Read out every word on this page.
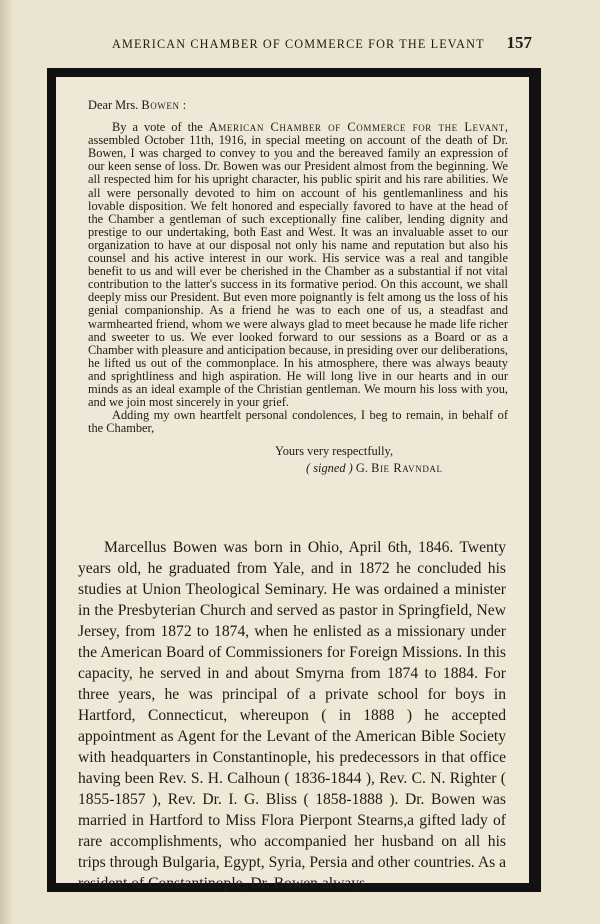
AMERICAN CHAMBER OF COMMERCE FOR THE LEVANT 157

Dear Mrs. Bowen :

By a vote of the American Chamber of Commerce for the Levant, assembled October 11th, 1916, in special meeting on account of the death of Dr. Bowen, I was charged to convey to you and the bereaved family an expression of our keen sense of loss. Dr. Bowen was our President almost from the beginning. We all respected him for his upright character, his public spirit and his rare abilities. We all were personally devoted to him on account of his gentlemanliness and his lovable disposition. We felt honored and especially favored to have at the head of the Chamber a gentleman of such exceptionally fine caliber, lending dignity and prestige to our undertaking, both East and West. It was an invaluable asset to our organization to have at our disposal not only his name and reputation but also his counsel and his active interest in our work. His service was a real and tangible benefit to us and will ever be cherished in the Chamber as a substantial if not vital contribution to the latter's success in its formative period. On this account, we shall deeply miss our President. But even more poignantly is felt among us the loss of his genial companionship. As a friend he was to each one of us, a steadfast and warmhearted friend, whom we were always glad to meet because he made life richer and sweeter to us. We ever looked forward to our sessions as a Board or as a Chamber with pleasure and anticipation because, in presiding over our deliberations, he lifted us out of the commonplace. In his atmosphere, there was always beauty and sprightliness and high aspiration. He will long live in our hearts and in our minds as an ideal example of the Christian gentleman. We mourn his loss with you, and we join most sincerely in your grief.

Adding my own heartfelt personal condolences, I beg to remain, in behalf of the Chamber,

Yours very respectfully,

( signed ) G. Bie Ravndal

Marcellus Bowen was born in Ohio, April 6th, 1846. Twenty years old, he graduated from Yale, and in 1872 he concluded his studies at Union Theological Seminary. He was ordained a minister in the Presbyterian Church and served as pastor in Springfield, New Jersey, from 1872 to 1874, when he enlisted as a missionary under the American Board of Commissioners for Foreign Missions. In this capacity, he served in and about Smyrna from 1874 to 1884. For three years, he was principal of a private school for boys in Hartford, Connecticut, whereupon ( in 1888 ) he accepted appointment as Agent for the Levant of the American Bible Society with headquarters in Constantinople, his predecessors in that office having been Rev. S. H. Calhoun ( 1836-1844 ), Rev. C. N. Righter ( 1855-1857 ), Rev. Dr. I. G. Bliss ( 1858-1888 ). Dr. Bowen was married in Hartford to Miss Flora Pierpont Stearns,a gifted lady of rare accomplishments, who accompanied her husband on all his trips through Bulgaria, Egypt, Syria, Persia and other countries. As a resident of Constantinople, Dr. Bowen always
